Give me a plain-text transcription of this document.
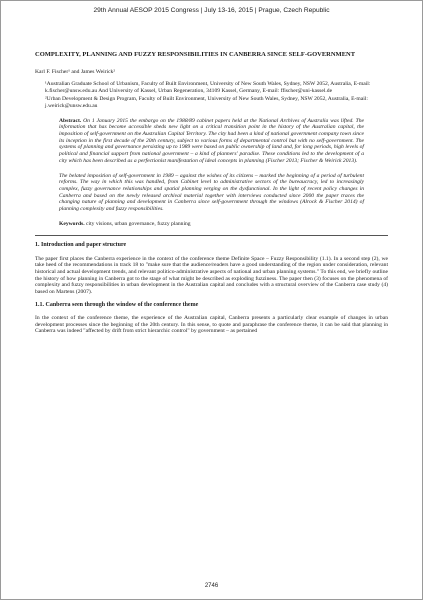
29th Annual AESOP 2015 Congress | July 13-16, 2015 | Prague, Czech Republic
COMPLEXITY, PLANNING AND FUZZY RESPONSIBILITIES IN CANBERRA SINCE SELF-GOVERNMENT
Karl F. Fischer¹ and James Weirick²
¹Australian Graduate School of Urbanism, Faculty of Built Environment, University of New South Wales, Sydney, NSW 2052, Australia, E-mail: k.fischer@unsw.edu.au And University of Kassel, Urban Regeneration, 34109 Kassel, Germany, E-mail: ffischer@uni-kassel.de
²Urban Development & Design Program, Faculty of Built Environment, University of New South Wales, Sydney, NSW 2052, Australia, E-mail: j.weirick@unsw.edu.au
Abstract. On 1 January 2015 the embargo on the 1988/89 cabinet papers held at the National Archives of Australia was lifted. The information that has become accessible sheds new light on a critical transition point in the history of the Australian capital, the imposition of self-government on the Australian Capital Territory. The city had been a kind of national government company town since its inception in the first decade of the 20th century, subject to various forms of departmental control but with no self-government. The systems of planning and governance persisting up to 1989 were based on public ownership of land and, for long periods, high levels of political and financial support from national government – a kind of planners' paradise. These conditions led to the development of a city which has been described as a perfectionist manifestation of ideal concepts in planning (Fischer 2013; Fischer & Weirick 2013).
The belated imposition of self-government in 1989 – against the wishes of its citizens – marked the beginning of a period of turbulent reforms. The way in which this was handled, from Cabinet level to administrative sectors of the bureaucracy, led to increasingly complex, fuzzy governance relationships and spatial planning verging on the dysfunctional. In the light of recent policy changes in Canberra and based on the newly released archival material together with interviews conducted since 2000 the paper traces the changing nature of planning and development in Canberra since self-government through the windows (Alrock & Fischer 2014) of planning complexity and fuzzy responsibilities.
Keywords. city visions, urban governance, fuzzy planning
1. Introduction and paper structure

The paper first places the Canberra experience in the context of the conference theme Definite Space – Fuzzy Responsibility (1.1). In a second step (2), we take heed of the recommendations in track 18 to "make sure that the audience/readers have a good understanding of the region under consideration, relevant historical and actual development trends, and relevant politico-administrative aspects of national and urban planning systems." To this end, we briefly outline the history of how planning in Canberra got to the stage of what might be described as exploding fuzziness. The paper then (3) focuses on the phenomena of complexity and fuzzy responsibilities in urban development in the Australian capital and concludes with a structural overview of the Canberra case study (4) based on Martens (2007).

1.1. Canberra seen through the window of the conference theme

In the context of the conference theme, the experience of the Australian capital, Canberra presents a particularly clear example of changes in urban development processes since the beginning of the 20th century. In this sense, to quote and paraphrase the conference theme, it can be said that planning in Canberra was indeed "affected by drift from strict hierarchic control" by government – as pertained

2746
